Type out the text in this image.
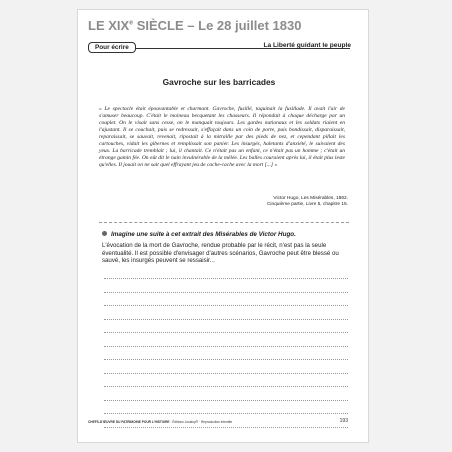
LE XIXe SIÈCLE – Le 28 juillet 1830
Pour écrire	La Liberté guidant le peuple
Gavroche sur les barricades
« Le spectacle était épouvantable et charmant. Gavroche, fusillé, taquinait la fusillade. Il avait l'air de s'amuser beaucoup. C'était le moineau becquetant les chasseurs. Il répondait à chaque décharge par un couplet. On le visait sans cesse, on le manquait toujours. Les gardes nationaux et les soldats riaient en l'ajustant. Il se couchait, puis se redressait, s'effaçait dans un coin de porte, puis bondissait, disparaissait, reparaissait, se sauvait, revenait, ripostait à la mitraille par des pieds de nez, et cependant pillait les cartouches, vidait les gibernes et remplissait son panier. Les insurgés, haletants d'anxiété, le suivaient des yeux. La barricade tremblait ; lui, il chantait. Ce n'était pas un enfant, ce n'était pas un homme ; c'était un étrange gamin fée. On eût dit le nain invulnérable de la mêlée. Les balles couraient après lui, il était plus leste qu'elles. Il jouait on ne sait quel effrayant jeu de cache-cache avec la mort [...] »
Victor Hugo, Les Misérables, 1862.
Cinquième partie, Livre 5, chapitre 15.
Imagine une suite à cet extrait des Misérables de Victor Hugo.
L'évocation de la mort de Gavroche, rendue probable par le récit, n'est pas la seule éventualité. Il est possible d'envisager d'autres scénarios, Gavroche peut être blessé ou sauvé, les insurgés peuvent se ressaisir...
CHEFS-D'ŒUVRE DU PATRIMOINE POUR L'HISTOIRE · Éditions Jocatop® · Reproduction interdite	193
